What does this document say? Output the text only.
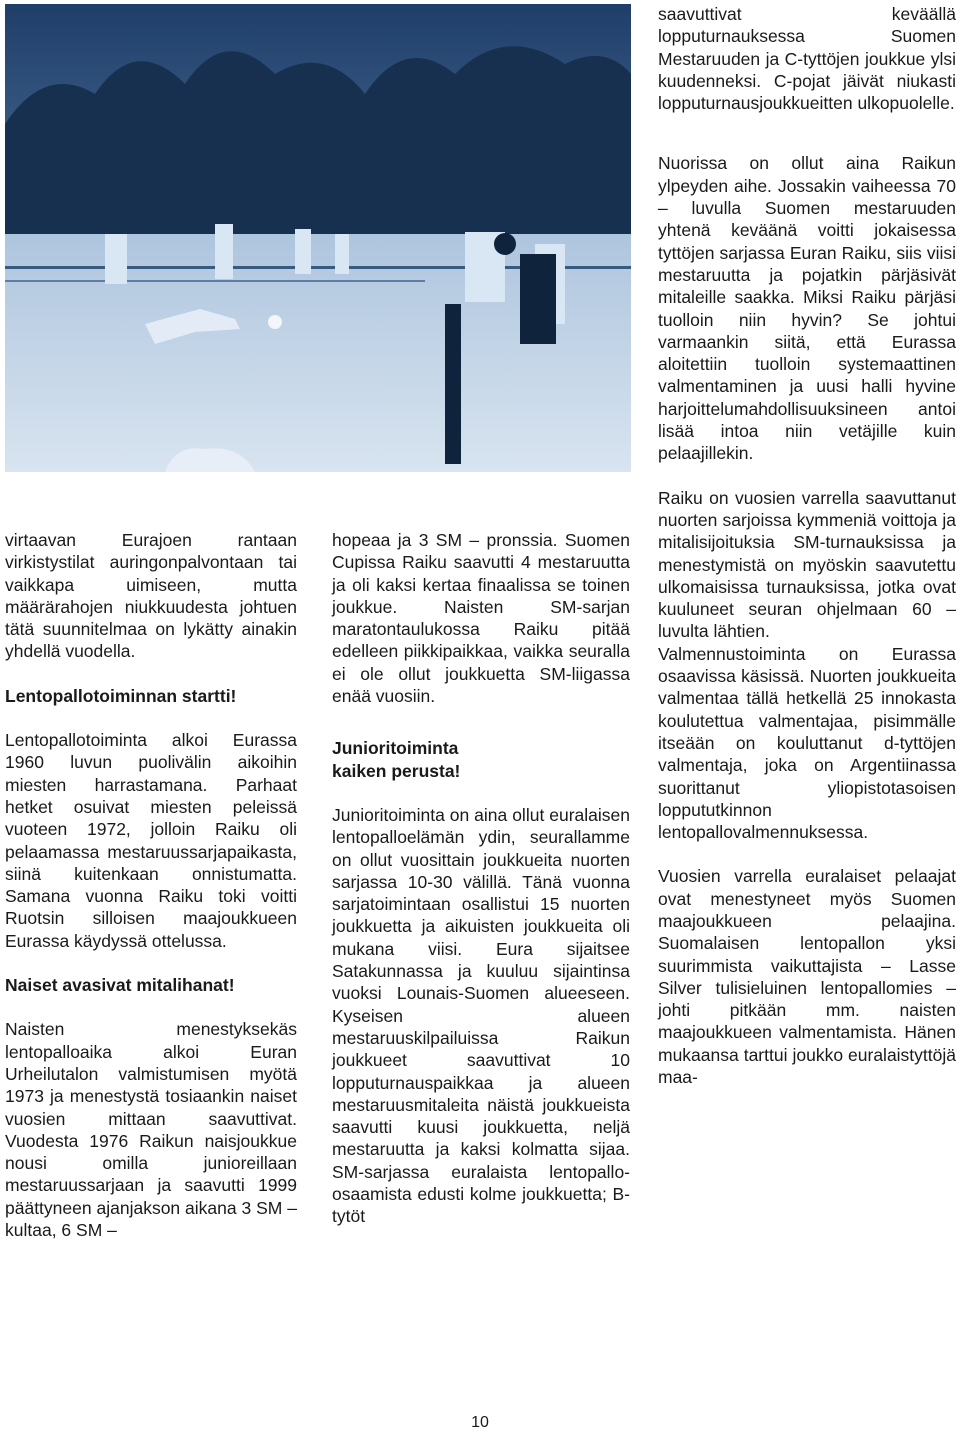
virtaavan Eurajoen rantaan virkistystilat auringonpalvontaan tai vaikkapa uimiseen, mutta määrärahojen niukkuudesta johtuen tätä suunnitelmaa on lykätty ainakin yhdellä vuodella.

Lentopallotoiminnan startti!

Lentopallotoiminta alkoi Eurassa 1960 luvun puolivälin aikoihin miesten harrastamana. Parhaat hetket osuivat miesten peleissä vuoteen 1972, jolloin Raiku oli pelaamassa mestaruussarjapaikasta, siinä kuitenkaan onnistumatta. Samana vuonna Raiku toki voitti Ruotsin silloisen maajoukkueen Eurassa käydyssä ottelussa.

Naiset avasivat mitalihanat!

Naisten menestyksekäs lentopalloaika alkoi Euran Urheilutalon valmistumisen myötä 1973 ja menestystä tosiaankin naiset vuosien mittaan saavuttivat. Vuodesta 1976 Raikun naisjoukkue nousi omilla junioreillaan mestaruussarjaan ja saavutti 1999 päättyneen ajanjakson aikana 3 SM – kultaa, 6 SM –

hopeaa ja 3 SM – pronssia. Suomen Cupissa Raiku saavutti 4 mestaruutta ja oli kaksi kertaa finaalissa se toinen joukkue. Naisten SM-sarjan maratontaulukossa Raiku pitää edelleen piikkipaikkaa, vaikka seuralla ei ole ollut joukkuetta SM-liigassa enää vuosiin.

Junioritoiminta
kaiken perusta!

Junioritoiminta on aina ollut euralaisen lentopalloelämän ydin, seurallamme on ollut vuosittain joukkueita nuorten sarjassa 10-30 välillä. Tänä vuonna sarjatoimintaan osallistui 15 nuorten joukkuetta ja aikuisten joukkueita oli mukana viisi. Eura sijaitsee Satakunnassa ja kuuluu sijaintinsa vuoksi Lounais-Suomen alueeseen. Kyseisen alueen mestaruuskilpailuissa Raikun joukkueet saavuttivat 10 lopputurnauspaikkaa ja alueen mestaruusmitaleita näistä joukkueista saavutti kuusi joukkuetta, neljä mestaruutta ja kaksi kolmatta sijaa. SM-sarjassa euralaista lentopallo-osaamista edusti kolme joukkuetta; B-tytöt

saavuttivat keväällä lopputurnauksessa Suomen Mestaruuden ja C-tyttöjen joukkue ylsi kuudenneksi. C-pojat jäivät niukasti lopputurnausjoukkueitten ulkopuolelle.

Nuorissa on ollut aina Raikun ylpeyden aihe. Jossakin vaiheessa 70 – luvulla Suomen mestaruuden yhtenä keväänä voitti jokaisessa tyttöjen sarjassa Euran Raiku, siis viisi mestaruutta ja pojatkin pärjäsivät mitaleille saakka. Miksi Raiku pärjäsi tuolloin niin hyvin? Se johtui varmaankin siitä, että Eurassa aloitettiin tuolloin systemaattinen valmentaminen ja uusi halli hyvine harjoittelumahdollisuuksineen antoi lisää intoa niin vetäjille kuin pelaajillekin.

Raiku on vuosien varrella saavuttanut nuorten sarjoissa kymmeniä voittoja ja mitalisijoituksia SM-turnauksissa ja menestymistä on myöskin saavutettu ulkomaisissa turnauksissa, jotka ovat kuuluneet seuran ohjelmaan 60 – luvulta lähtien.

Valmennustoiminta on Eurassa osaavissa käsissä. Nuorten joukkueita valmentaa tällä hetkellä 25 innokasta koulutettua valmentajaa, pisimmälle itseään on kouluttanut d-tyttöjen valmentaja, joka on Argentiinassa suorittanut yliopistotasoisen loppututkinnon lentopallovalmennuksessa.

Vuosien varrella euralaiset pelaajat ovat menestyneet myös Suomen maajoukkueen pelaajina. Suomalaisen lentopallon yksi suurimmista vaikuttajista – Lasse Silver tulisieluinen lentopallomies – johti pitkään mm. naisten maajoukkueen valmentamista. Hänen mukaansa tarttui joukko euralaistyttöjä maa-

10
